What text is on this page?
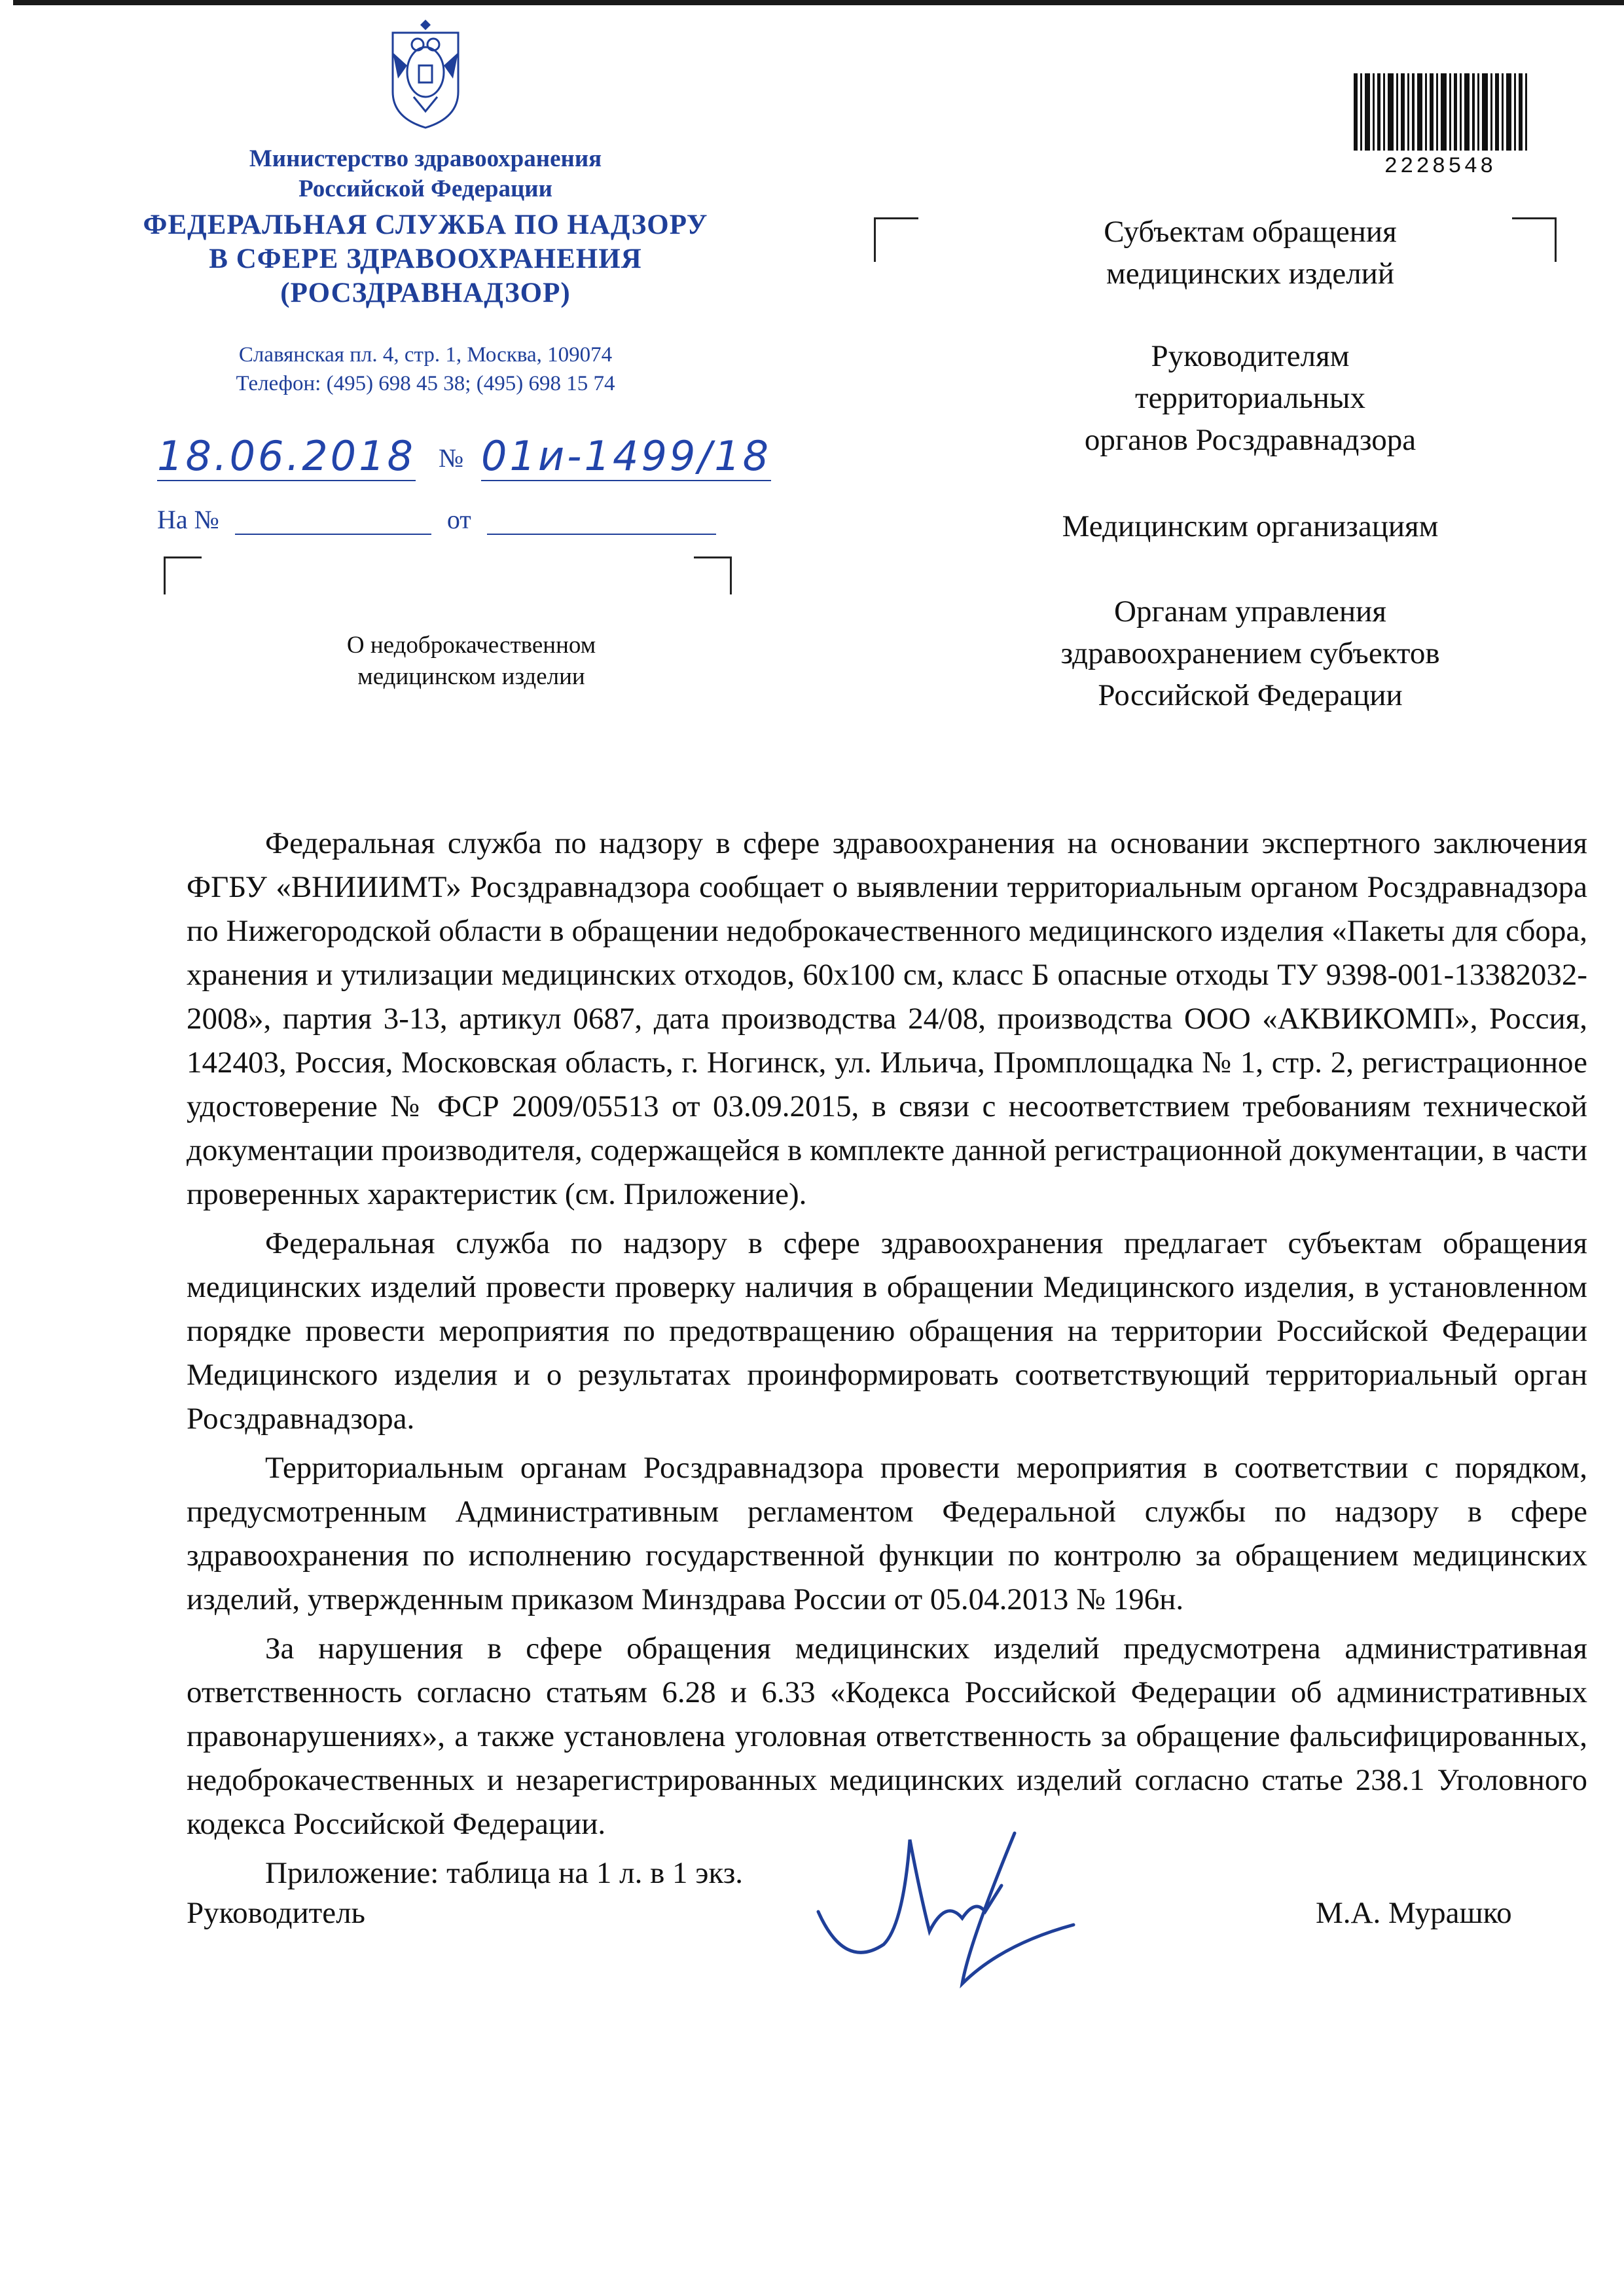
Министерство здравоохранения
Российской Федерации
ФЕДЕРАЛЬНАЯ СЛУЖБА ПО НАДЗОРУ
В СФЕРЕ ЗДРАВООХРАНЕНИЯ
(РОСЗДРАВНАДЗОР)
Славянская пл. 4, стр. 1, Москва, 109074
Телефон: (495) 698 45 38; (495) 698 15 74
18.06.2018 № 01и-1499/18
На №	от
О недоброкачественном
медицинском изделии
2228548
Субъектам обращения
медицинских изделий
Руководителям
территориальных
органов Росздравнадзора
Медицинским организациям
Органам управления
здравоохранением субъектов
Российской Федерации

Федеральная служба по надзору в сфере здравоохранения на основании экспертного заключения ФГБУ «ВНИИИМТ» Росздравнадзора сообщает о выявлении территориальным органом Росздравнадзора по Нижегородской области в обращении недоброкачественного медицинского изделия «Пакеты для сбора, хранения и утилизации медицинских отходов, 60х100 см, класс Б опасные отходы ТУ 9398-001-13382032-2008», партия 3-13, артикул 0687, дата производства 24/08, производства ООО «АКВИКОМП», Россия, 142403, Россия, Московская область, г. Ногинск, ул. Ильича, Промплощадка № 1, стр. 2, регистрационное удостоверение № ФСР 2009/05513 от 03.09.2015, в связи с несоответствием требованиям технической документации производителя, содержащейся в комплекте данной регистрационной документации, в части проверенных характеристик (см. Приложение).

Федеральная служба по надзору в сфере здравоохранения предлагает субъектам обращения медицинских изделий провести проверку наличия в обращении Медицинского изделия, в установленном порядке провести мероприятия по предотвращению обращения на территории Российской Федерации Медицинского изделия и о результатах проинформировать соответствующий территориальный орган Росздравнадзора.

Территориальным органам Росздравнадзора провести мероприятия в соответствии с порядком, предусмотренным Административным регламентом Федеральной службы по надзору в сфере здравоохранения по исполнению государственной функции по контролю за обращением медицинских изделий, утвержденным приказом Минздрава России от 05.04.2013 № 196н.

За нарушения в сфере обращения медицинских изделий предусмотрена административная ответственность согласно статьям 6.28 и 6.33 «Кодекса Российской Федерации об административных правонарушениях», а также установлена уголовная ответственность за обращение фальсифицированных, недоброкачественных и незарегистрированных медицинских изделий согласно статье 238.1 Уголовного кодекса Российской Федерации.

Приложение: таблица на 1 л. в 1 экз.

Руководитель	М.А. Мурашко
